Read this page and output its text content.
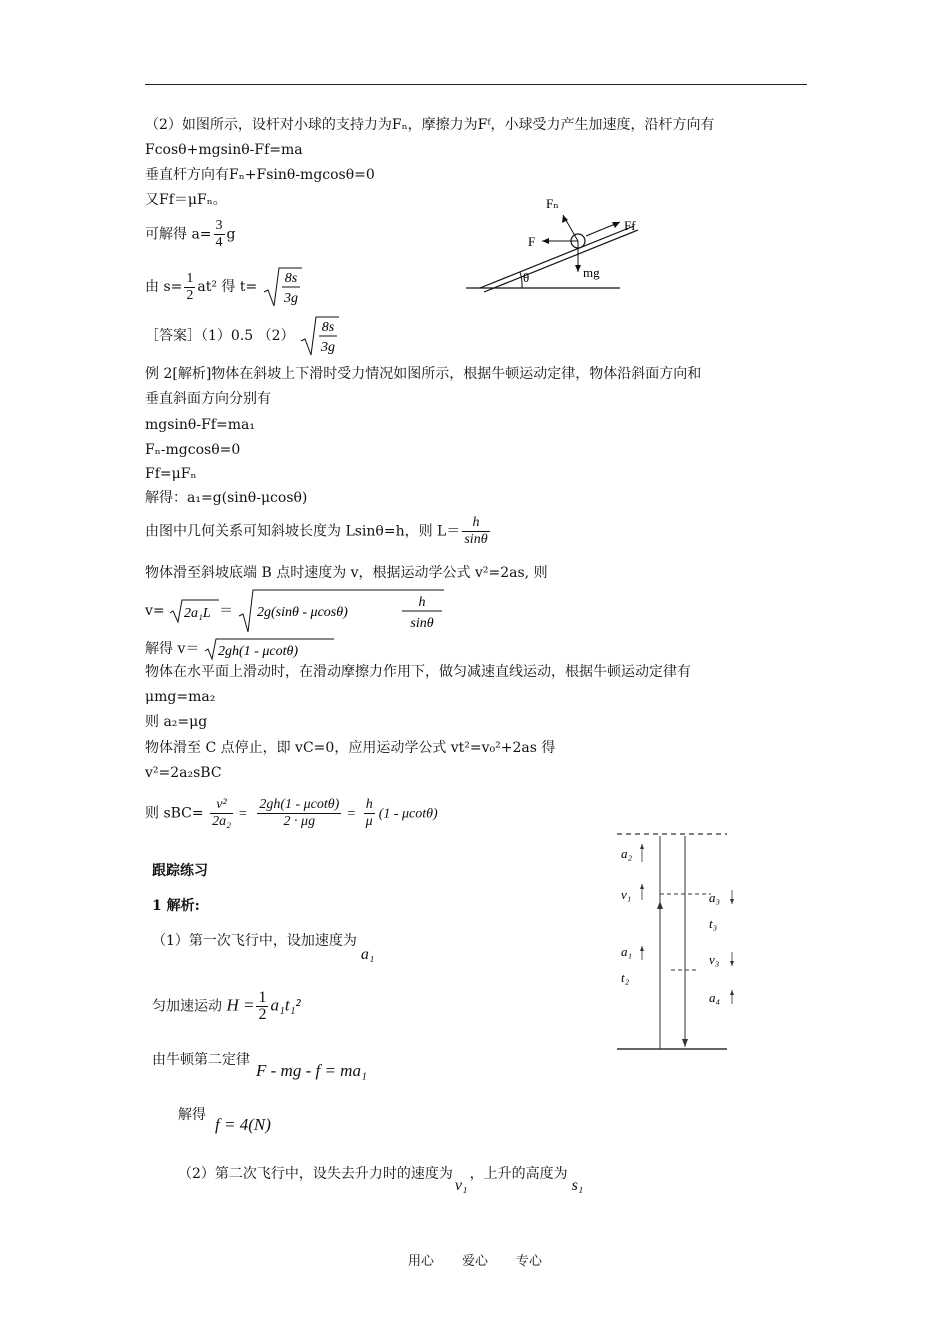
（2）如图所示，设杆对小球的支持力为Fₙ，摩擦力为Fᶠ，小球受力产生加速度，沿杆方向有
Fcosθ+mgsinθ-Ff=ma
垂直杆方向有Fₙ+Fsinθ-mgcosθ=0
又Ff＝μFₙ。
可解得 $a= \frac{3}{4}$ g
由 $s= \frac{1}{2} at^2$ 得 t=
8s
3g
［答案］（1）0.5 （2）
8s
3g
θ
Fₙ
F
mg
Ff
例 2[解析]物体在斜坡上下滑时受力情况如图所示，根据牛顿运动定律，物体沿斜面方向和
垂直斜面方向分别有
mgsinθ-Ff=ma₁
Fₙ-mgcosθ=0
Ff=μFₙ
解得：a₁=g(sinθ-μcosθ)
由图中几何关系可知斜坡长度为 Lsinθ=h，则 $L= \frac{h}{\sin\theta}$
物体滑至斜坡底端 B 点时速度为 v，根据运动学公式 v²=2as, 则
v= 2a₁L ＝ 2g(sinθ - μcosθ)
h
sinθ
解得 v＝ 2gh(1 - μcotθ)
物体在水平面上滑动时，在滑动摩擦力作用下，做匀减速直线运动，根据牛顿运动定律有
μmg=ma₂
则 a₂=μg
物体滑至 C 点停止，即 vC=0，应用运动学公式 vt²=v₀²+2as 得
v²=2a₂sBC
则 $sBC= \frac{\text{v²}}{\text{2a₂}} = \frac{2gh(1 - \mu\cot\theta)}{2 \cdot \mu g} = \frac{h}{\mu} (1 - \mu\cot\theta)$
跟踪练习
1 解析:
（1）第一次飞行中，设加速度为a₁
匀加速运动 $H = \frac{1}{2} a_1t_1^2$
由牛顿第二定律F - mg - f = ma₁
解得 f = 4(N)
（2）第二次飞行中，设失去升力时的速度为v₁，上升的高度为s₁
a₂
v₁
a₁
t₂
a₃
t₃
v₃
a₄
用心 爱心 专心
